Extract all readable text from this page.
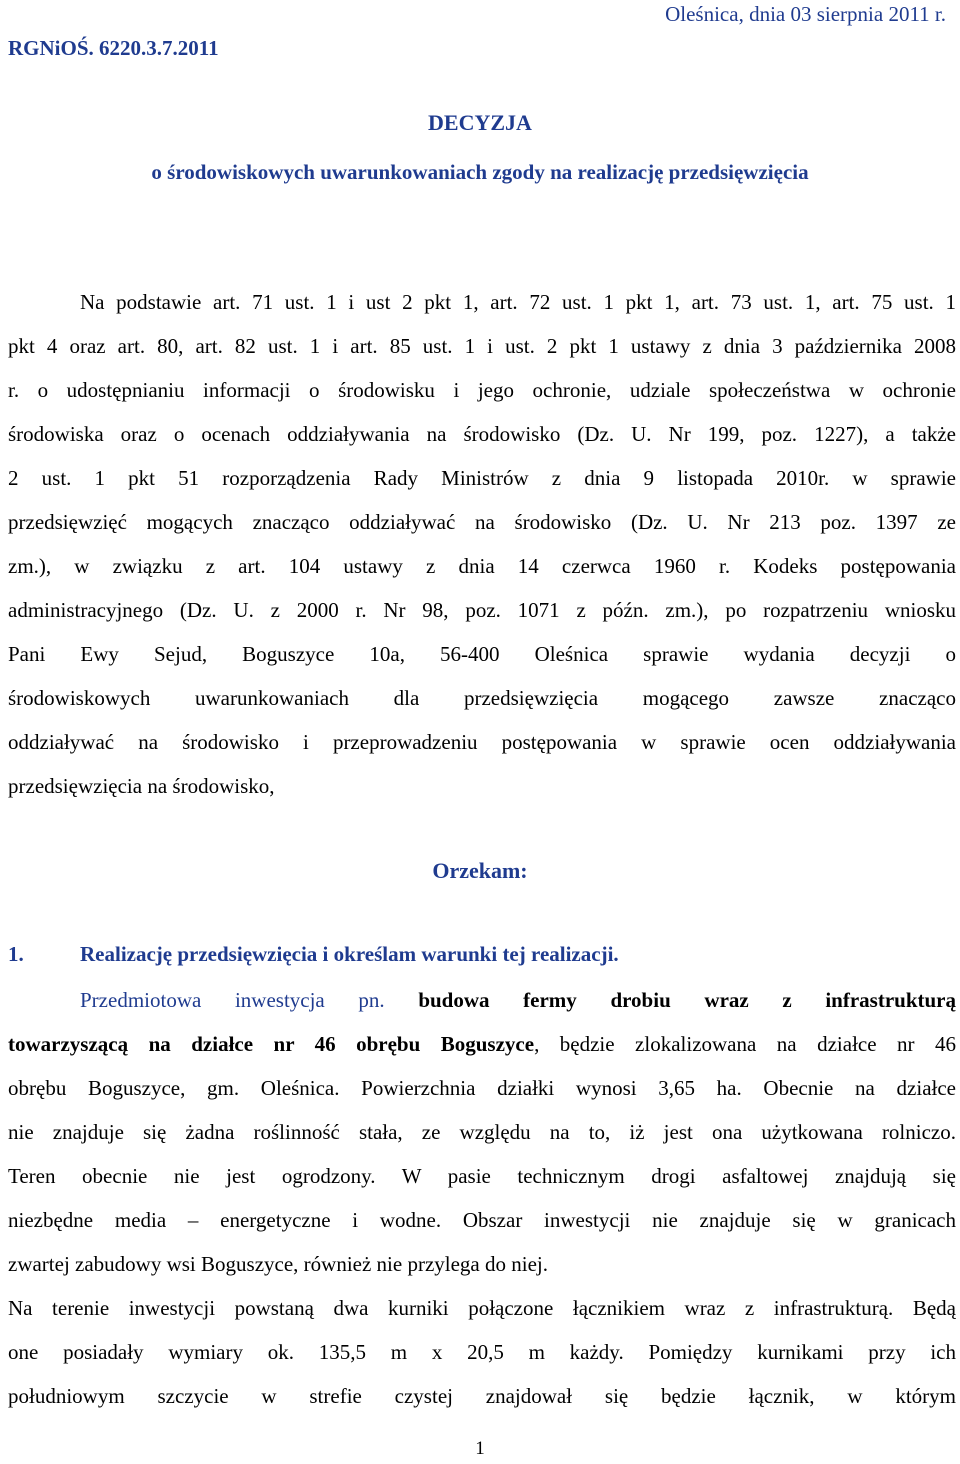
RGNiOŚ. 6220.3.7.2011
Oleśnica, dnia 03 sierpnia 2011 r.
DECYZJA
o środowiskowych uwarunkowaniach zgody na realizację przedsięwzięcia
Na podstawie art. 71 ust. 1 i ust 2 pkt 1, art. 72 ust. 1 pkt 1, art. 73 ust. 1, art. 75 ust. 1
pkt 4 oraz art. 80, art. 82 ust. 1 i art. 85 ust. 1 i ust. 2 pkt 1 ustawy z dnia 3 października 2008
r. o udostępnianiu informacji o środowisku i jego ochronie, udziale społeczeństwa w ochronie
środowiska oraz o ocenach oddziaływania na środowisko (Dz. U. Nr 199, poz. 1227), a także
2 ust. 1 pkt 51 rozporządzenia Rady Ministrów z dnia 9 listopada 2010r. w sprawie
przedsięwzięć mogących znacząco oddziaływać na środowisko (Dz. U. Nr 213 poz. 1397 ze
zm.), w związku z art. 104 ustawy z dnia 14 czerwca 1960 r. Kodeks postępowania
administracyjnego (Dz. U. z 2000 r. Nr 98, poz. 1071 z późn. zm.), po rozpatrzeniu wniosku
Pani Ewy Sejud, Boguszyce 10a, 56-400 Oleśnica sprawie wydania decyzji o
środowiskowych uwarunkowaniach dla przedsięwzięcia mogącego zawsze znacząco
oddziaływać na środowisko i przeprowadzeniu postępowania w sprawie ocen oddziaływania
przedsięwzięcia na środowisko,
Orzekam:
1.	Realizację przedsięwzięcia i określam warunki tej realizacji.
Przedmiotowa inwestycja pn. budowa fermy drobiu wraz z infrastrukturą
towarzyszącą na działce nr 46 obrębu Boguszyce, będzie zlokalizowana na działce nr 46
obrębu Boguszyce, gm. Oleśnica. Powierzchnia działki wynosi 3,65 ha. Obecnie na działce
nie znajduje się żadna roślinność stała, ze względu na to, iż jest ona użytkowana rolniczo.
Teren obecnie nie jest ogrodzony. W pasie technicznym drogi asfaltowej znajdują się
niezbędne media – energetyczne i wodne. Obszar inwestycji nie znajduje się w granicach
zwartej zabudowy wsi Boguszyce, również nie przylega do niej.
Na terenie inwestycji powstaną dwa kurniki połączone łącznikiem wraz z infrastrukturą. Będą
one posiadały wymiary ok. 135,5 m x 20,5 m każdy. Pomiędzy kurnikami przy ich
południowym szczycie w strefie czystej znajdował się będzie łącznik, w którym
1
